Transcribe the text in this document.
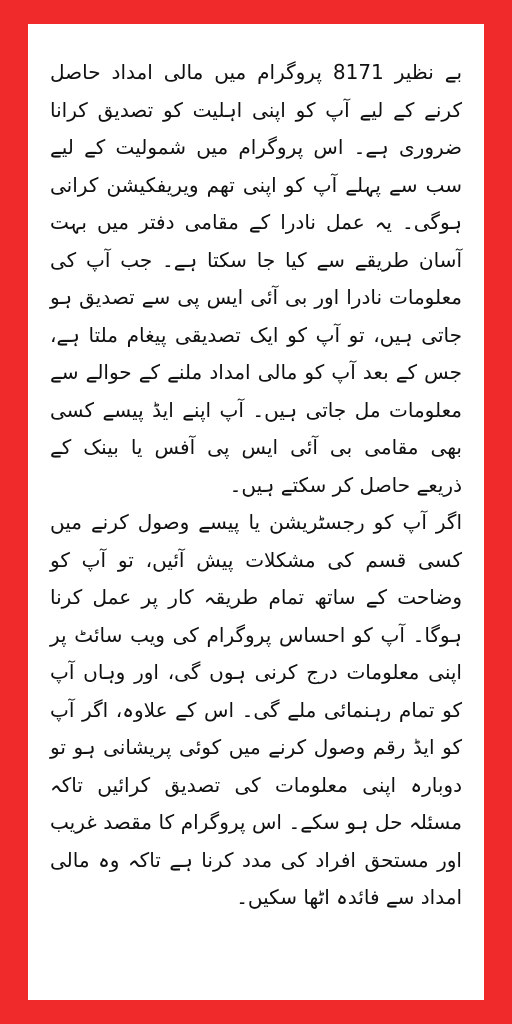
بے نظیر 8171 پروگرام میں مالی امداد حاصل کرنے کے لیے آپ کو اپنی اہلیت کو تصدیق کرانا ضروری ہے۔ اس پروگرام میں شمولیت کے لیے سب سے پہلے آپ کو اپنی تھم ویریفکیشن کرانی ہوگی۔ یہ عمل نادرا کے مقامی دفتر میں بہت آسان طریقے سے کیا جا سکتا ہے۔ جب آپ کی معلومات نادرا اور بی آئی ایس پی سے تصدیق ہو جاتی ہیں، تو آپ کو ایک تصدیقی پیغام ملتا ہے، جس کے بعد آپ کو مالی امداد ملنے کے حوالے سے معلومات مل جاتی ہیں۔ آپ اپنے ایڈ پیسے کسی بھی مقامی بی آئی ایس پی آفس یا بینک کے ذریعے حاصل کر سکتے ہیں۔

اگر آپ کو رجسٹریشن یا پیسے وصول کرنے میں کسی قسم کی مشکلات پیش آئیں، تو آپ کو وضاحت کے ساتھ تمام طریقہ کار پر عمل کرنا ہوگا۔ آپ کو احساس پروگرام کی ویب سائٹ پر اپنی معلومات درج کرنی ہوں گی، اور وہاں آپ کو تمام رہنمائی ملے گی۔ اس کے علاوہ، اگر آپ کو ایڈ رقم وصول کرنے میں کوئی پریشانی ہو تو دوبارہ اپنی معلومات کی تصدیق کرائیں تاکہ مسئلہ حل ہو سکے۔ اس پروگرام کا مقصد غریب اور مستحق افراد کی مدد کرنا ہے تاکہ وہ مالی امداد سے فائدہ اٹھا سکیں۔
